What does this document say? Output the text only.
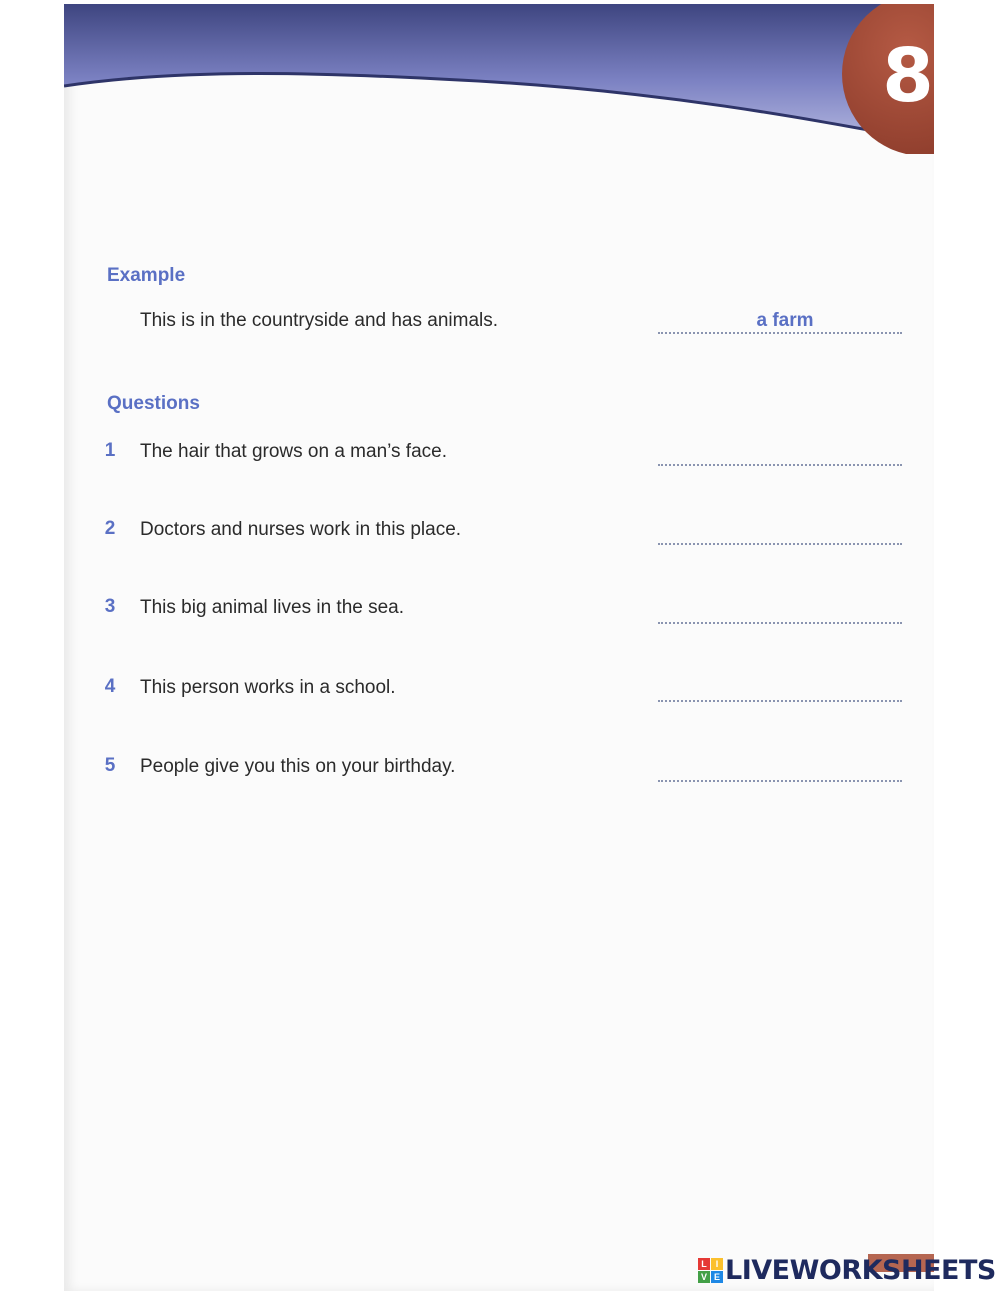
8
Example
This is in the countryside and has animals.	a farm
Questions
1 The hair that grows on a man’s face.
2 Doctors and nurses work in this place.
3 This big animal lives in the sea.
4 This person works in a school.
5 People give you this on your birthday.
L I
V E LIVEWORKSHEETS
